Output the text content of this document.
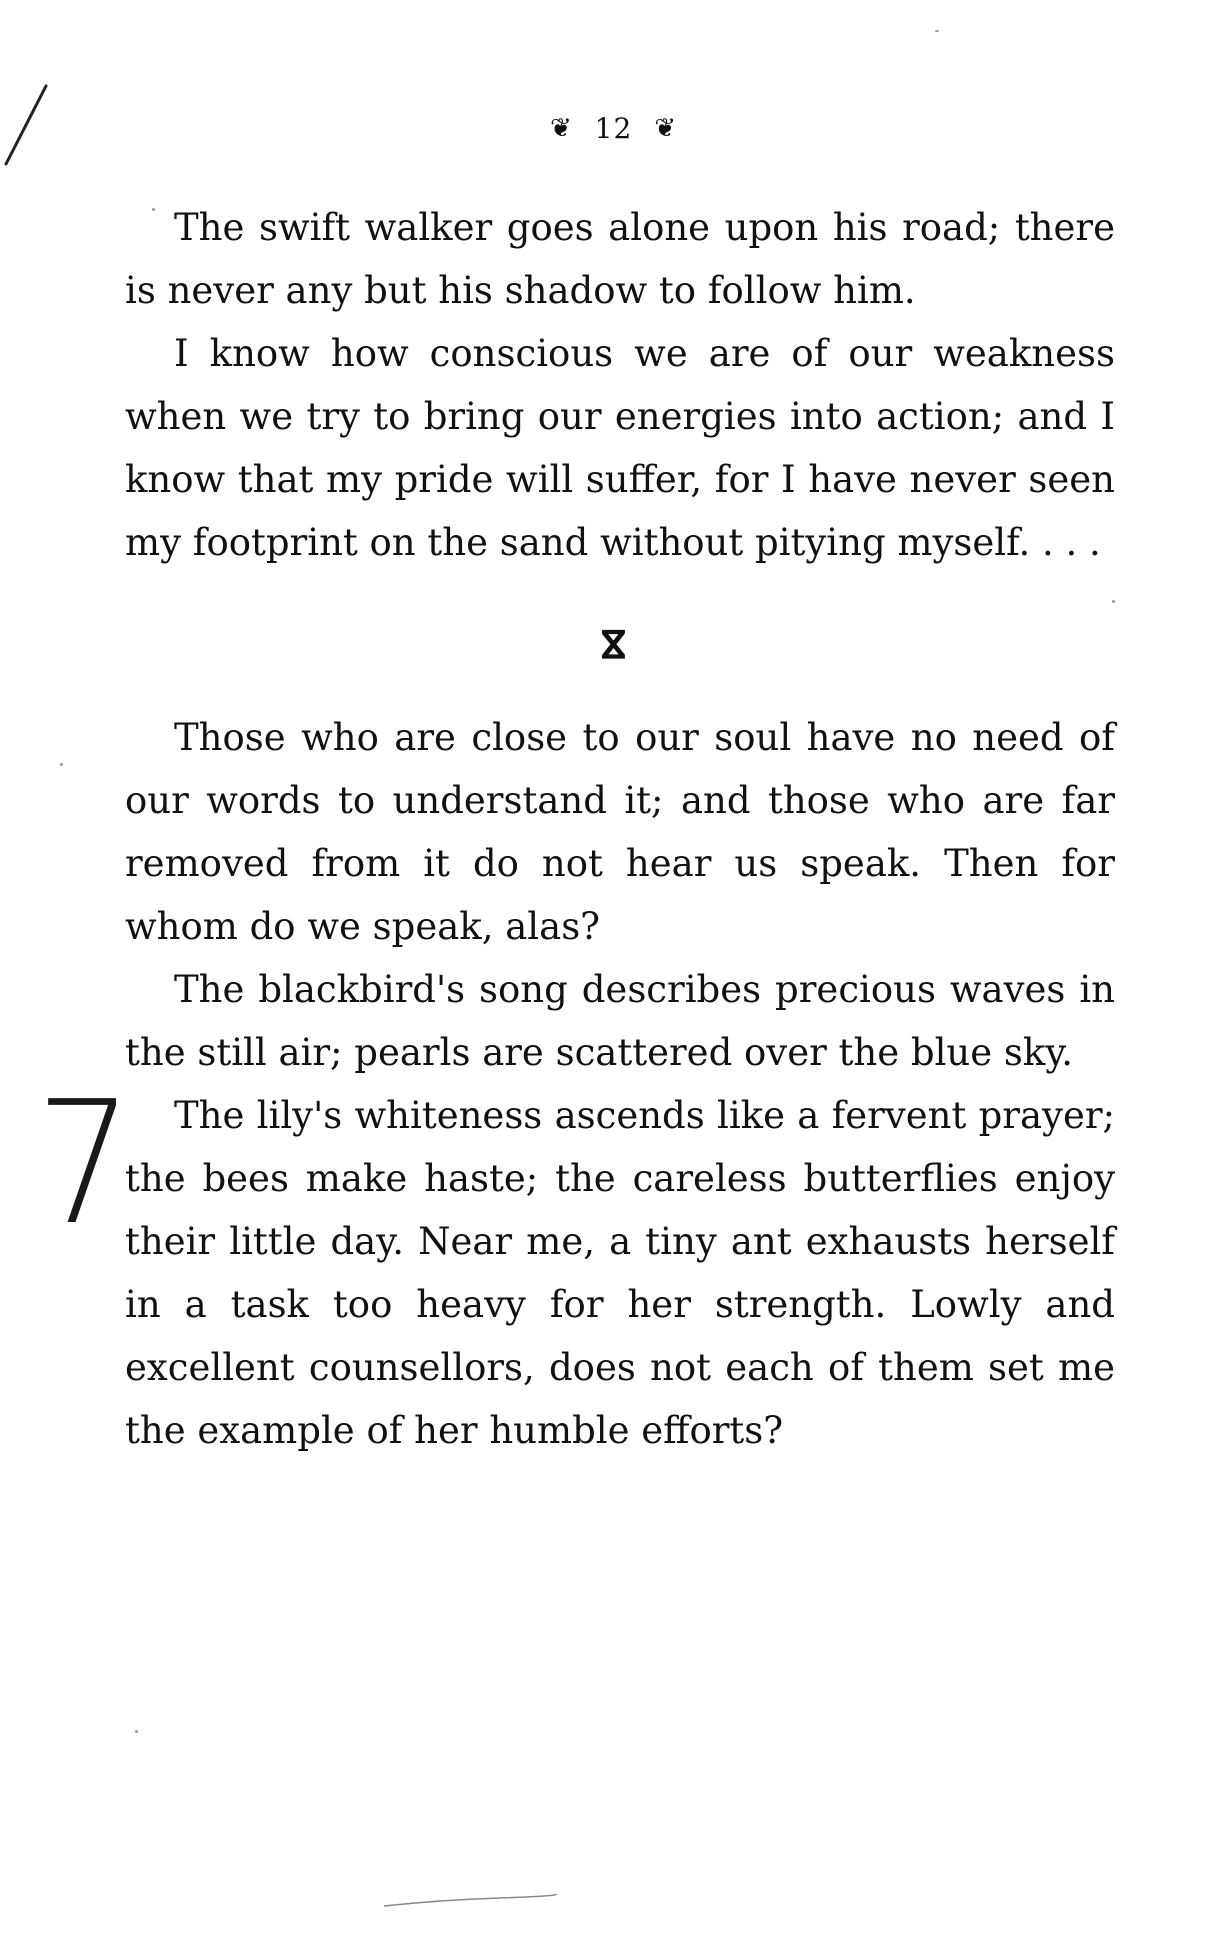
7
❦ 12 ❦

The swift walker goes alone upon his road; there is never any but his shadow to follow him.

I know how conscious we are of our weakness when we try to bring our energies into action; and I know that my pride will suffer, for I have never seen my footprint on the sand without pitying myself. . . .

ⴵ

Those who are close to our soul have no need of our words to understand it; and those who are far removed from it do not hear us speak. Then for whom do we speak, alas?

The blackbird's song describes precious waves in the still air; pearls are scattered over the blue sky.

The lily's whiteness ascends like a fervent prayer; the bees make haste; the careless butterflies enjoy their little day. Near me, a tiny ant exhausts herself in a task too heavy for her strength. Lowly and excellent counsellors, does not each of them set me the example of her humble efforts?
